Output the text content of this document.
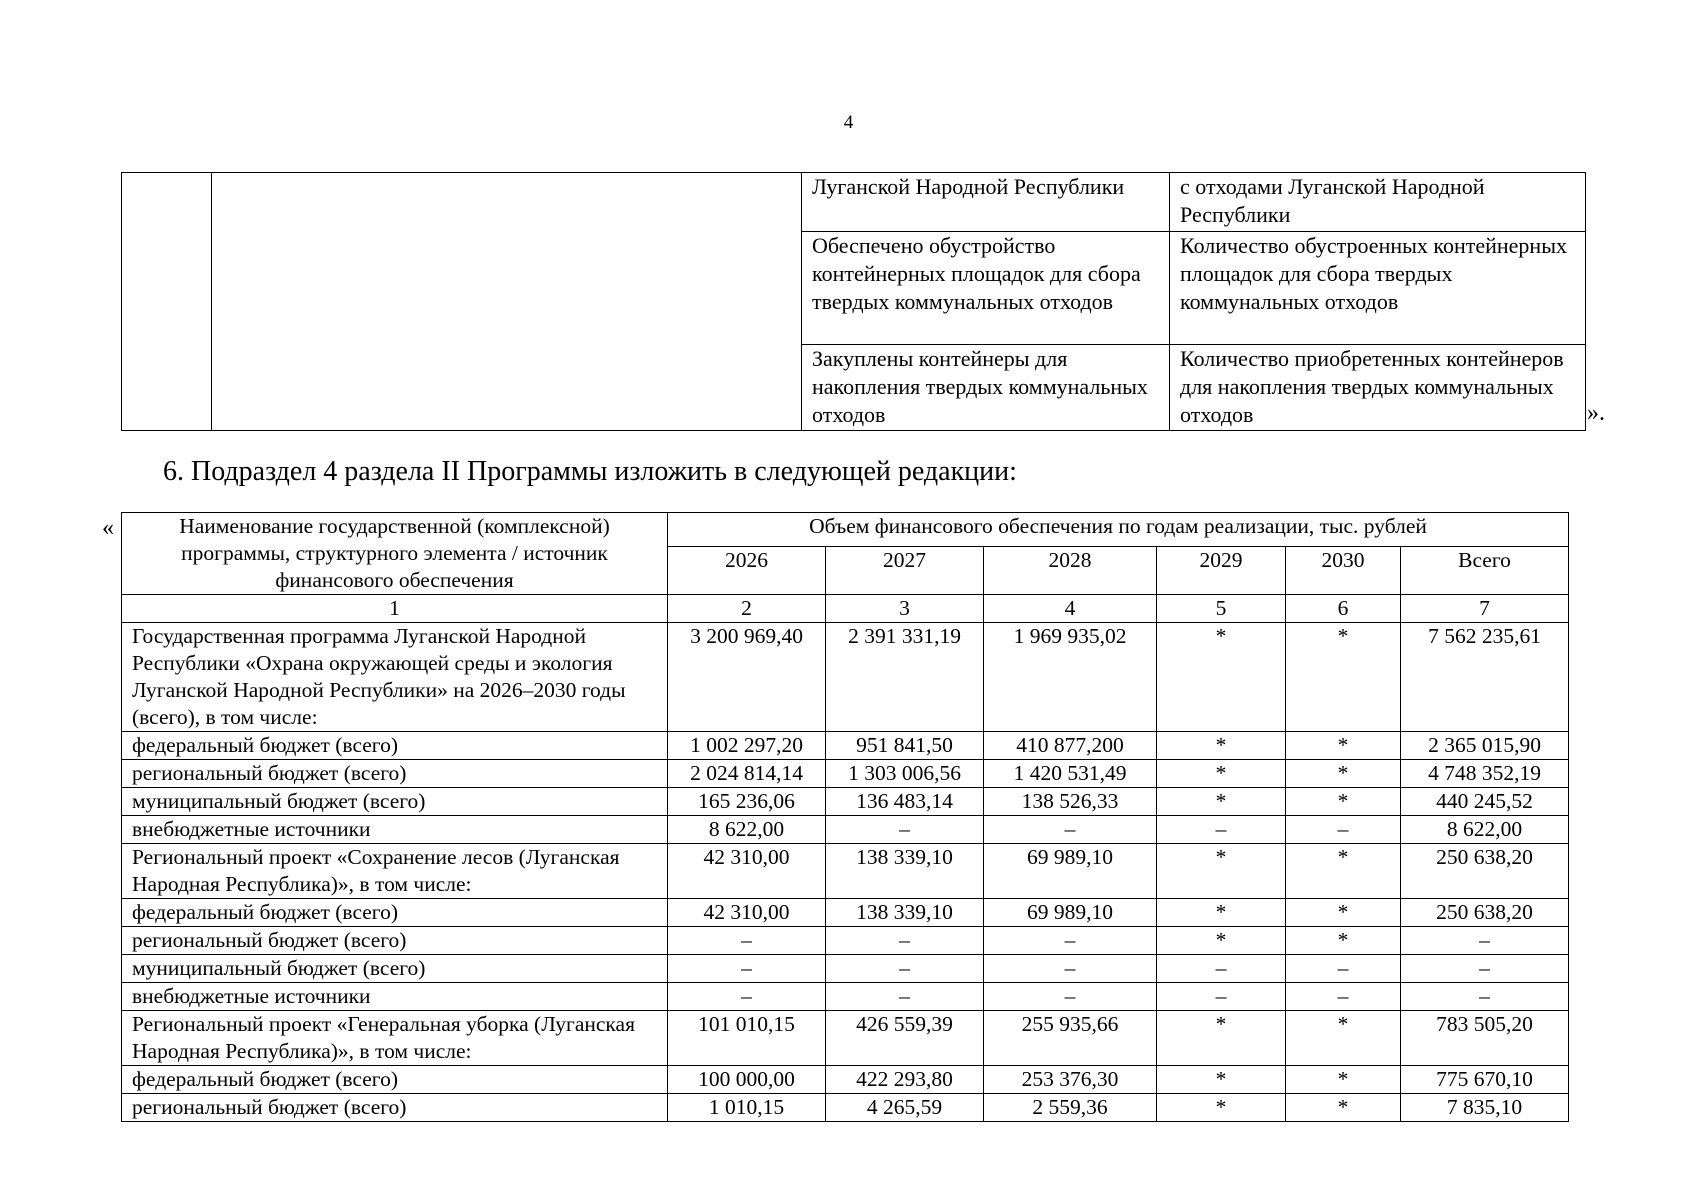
4
		Луганской Народной Республики	с отходами Луганской Народной Республики
		Обеспечено обустройство контейнерных площадок для сбора твердых коммунальных отходов	Количество обустроенных контейнерных площадок для сбора твердых коммунальных отходов
		Закуплены контейнеры для накопления твердых коммунальных отходов	Количество приобретенных контейнеров для накопления твердых коммунальных отходов	».
6. Подраздел 4 раздела II Программы изложить в следующей редакции:
«	Наименование государственной (комплексной) программы, структурного элемента / источник финансового обеспечения	Объем финансового обеспечения по годам реализации, тыс. рублей					
	2026	2027	2028	2029	2030	Всего
1	2	3	4	5	6	7
Государственная программа Луганской Народной Республики «Охрана окружающей среды и экология Луганской Народной Республики» на 2026–2030 годы (всего), в том числе:	3 200 969,40	2 391 331,19	1 969 935,02	*	*	7 562 235,61
федеральный бюджет (всего)	1 002 297,20	951 841,50	410 877,200	*	*	2 365 015,90
региональный бюджет (всего)	2 024 814,14	1 303 006,56	1 420 531,49	*	*	4 748 352,19
муниципальный бюджет (всего)	165 236,06	136 483,14	138 526,33	*	*	440 245,52
внебюджетные источники	8 622,00	–	–	–	–	8 622,00
Региональный проект «Сохранение лесов (Луганская Народная Республика)», в том числе:	42 310,00	138 339,10	69 989,10	*	*	250 638,20
федеральный бюджет (всего)	42 310,00	138 339,10	69 989,10	*	*	250 638,20
региональный бюджет (всего)	–	–	–	*	*	–
муниципальный бюджет (всего)	–	–	–	–	–	–
внебюджетные источники	–	–	–	–	–	–
Региональный проект «Генеральная уборка (Луганская Народная Республика)», в том числе:	101 010,15	426 559,39	255 935,66	*	*	783 505,20
федеральный бюджет (всего)	100 000,00	422 293,80	253 376,30	*	*	775 670,10
региональный бюджет (всего)	1 010,15	4 265,59	2 559,36	*	*	7 835,10
